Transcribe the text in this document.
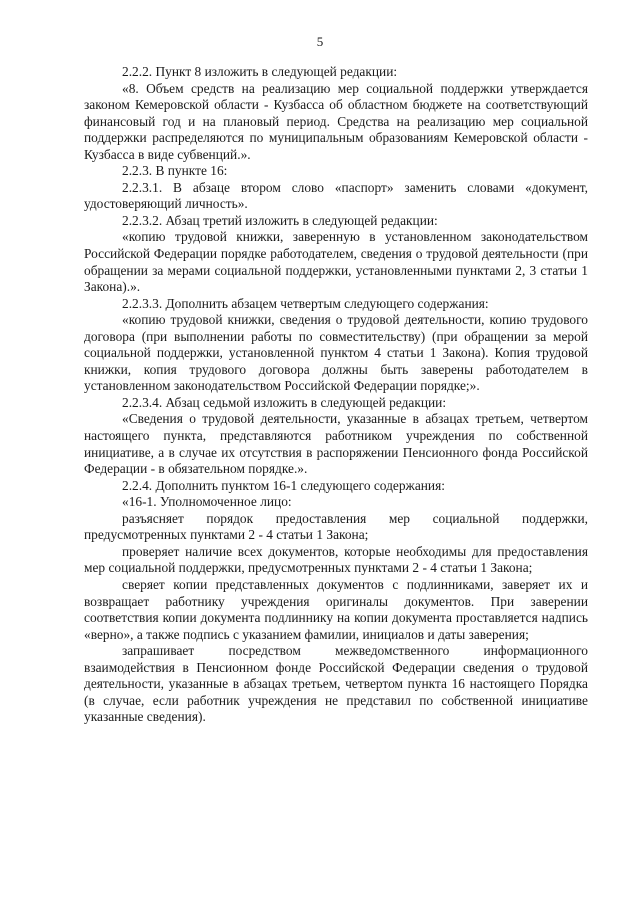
5

2.2.2. Пункт 8 изложить в следующей редакции:

«8. Объем средств на реализацию мер социальной поддержки утверждается законом Кемеровской области - Кузбасса об областном бюджете на соответствующий финансовый год и на плановый период. Средства на реализацию мер социальной поддержки распределяются по муниципальным образованиям Кемеровской области - Кузбасса в виде субвенций.».

2.2.3. В пункте 16:

2.2.3.1. В абзаце втором слово «паспорт» заменить словами «документ, удостоверяющий личность».

2.2.3.2. Абзац третий изложить в следующей редакции:

«копию трудовой книжки, заверенную в установленном законодательством Российской Федерации порядке работодателем, сведения о трудовой деятельности (при обращении за мерами социальной поддержки, установленными пунктами 2, 3 статьи 1 Закона).».

2.2.3.3. Дополнить абзацем четвертым следующего содержания:

«копию трудовой книжки, сведения о трудовой деятельности, копию трудового договора (при выполнении работы по совместительству) (при обращении за мерой социальной поддержки, установленной пунктом 4 статьи 1 Закона). Копия трудовой книжки, копия трудового договора должны быть заверены работодателем в установленном законодательством Российской Федерации порядке;».

2.2.3.4. Абзац седьмой изложить в следующей редакции:

«Сведения о трудовой деятельности, указанные в абзацах третьем, четвертом настоящего пункта, представляются работником учреждения по собственной инициативе, а в случае их отсутствия в распоряжении Пенсионного фонда Российской Федерации - в обязательном порядке.».

2.2.4. Дополнить пунктом 16-1 следующего содержания:

«16-1. Уполномоченное лицо:

разъясняет порядок предоставления мер социальной поддержки, предусмотренных пунктами 2 - 4 статьи 1 Закона;

проверяет наличие всех документов, которые необходимы для предоставления мер социальной поддержки, предусмотренных пунктами 2 - 4 статьи 1 Закона;

сверяет копии представленных документов с подлинниками, заверяет их и возвращает работнику учреждения оригиналы документов. При заверении соответствия копии документа подлиннику на копии документа проставляется надпись «верно», а также подпись с указанием фамилии, инициалов и даты заверения;

запрашивает посредством межведомственного информационного взаимодействия в Пенсионном фонде Российской Федерации сведения о трудовой деятельности, указанные в абзацах третьем, четвертом пункта 16 настоящего Порядка (в случае, если работник учреждения не представил по собственной инициативе указанные сведения).
